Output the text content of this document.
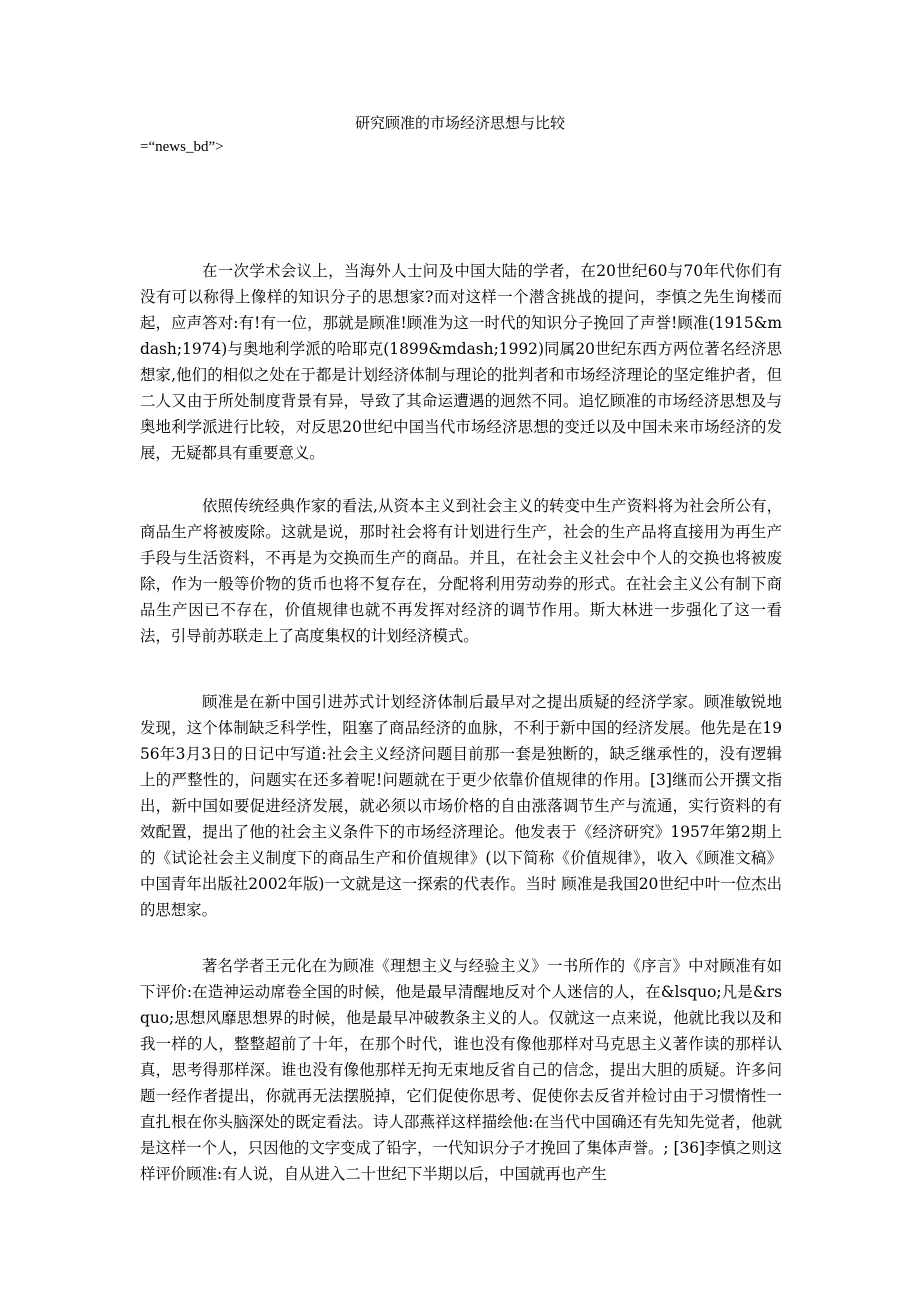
研究顾准的市场经济思想与比较
=“news_bd”>

在一次学术会议上，当海外人士问及中国大陆的学者，在20世纪60与70年代你们有没有可以称得上像样的知识分子的思想家?而对这样一个潜含挑战的提问，李慎之先生询楼而起，应声答对:有!有一位，那就是顾准!顾准为这一时代的知识分子挽回了声誉!顾准(1915&mdash;1974)与奥地利学派的哈耶克(1899&mdash;1992)同属20世纪东西方两位著名经济思想家,他们的相似之处在于都是计划经济体制与理论的批判者和市场经济理论的坚定维护者，但二人又由于所处制度背景有异，导致了其命运遭遇的迥然不同。追忆顾准的市场经济思想及与奥地利学派进行比较，对反思20世纪中国当代市场经济思想的变迁以及中国未来市场经济的发展，无疑都具有重要意义。

依照传统经典作家的看法,从资本主义到社会主义的转变中生产资料将为社会所公有，商品生产将被废除。这就是说，那时社会将有计划进行生产，社会的生产品将直接用为再生产手段与生活资料，不再是为交换而生产的商品。并且，在社会主义社会中个人的交换也将被废除，作为一般等价物的货币也将不复存在，分配将利用劳动券的形式。在社会主义公有制下商品生产因已不存在，价值规律也就不再发挥对经济的调节作用。斯大林进一步强化了这一看法，引导前苏联走上了高度集权的计划经济模式。

顾准是在新中国引进苏式计划经济体制后最早对之提出质疑的经济学家。顾准敏锐地发现，这个体制缺乏科学性，阻塞了商品经济的血脉，不利于新中国的经济发展。他先是在1956年3月3日的日记中写道:社会主义经济问题目前那一套是独断的，缺乏继承性的，没有逻辑上的严整性的，问题实在还多着呢!问题就在于更少依靠价值规律的作用。[3]继而公开撰文指出，新中国如要促进经济发展，就必须以市场价格的自由涨落调节生产与流通，实行资料的有效配置，提出了他的社会主义条件下的市场经济理论。他发表于《经济研究》1957年第2期上的《试论社会主义制度下的商品生产和价值规律》(以下简称《价值规律》，收入《顾准文稿》中国青年出版社2002年版)一文就是这一探索的代表作。当时 顾准是我国20世纪中叶一位杰出的思想家。

著名学者王元化在为顾准《理想主义与经验主义》一书所作的《序言》中对顾准有如下评价:在造神运动席卷全国的时候，他是最早清醒地反对个人迷信的人，在&lsquo;凡是&rsquo;思想风靡思想界的时候，他是最早冲破教条主义的人。仅就这一点来说，他就比我以及和我一样的人，整整超前了十年，在那个时代，谁也没有像他那样对马克思主义著作读的那样认真，思考得那样深。谁也没有像他那样无拘无束地反省自己的信念，提出大胆的质疑。许多问题一经作者提出，你就再无法摆脱掉，它们促使你思考、促使你去反省并检讨由于习惯惰性一直扎根在你头脑深处的既定看法。诗人邵燕祥这样描绘他:在当代中国确还有先知先觉者，他就是这样一个人，只因他的文字变成了铅字，一代知识分子才挽回了集体声誉。; [36]李慎之则这样评价顾准:有人说，自从进入二十世纪下半期以后，中国就再也产生
